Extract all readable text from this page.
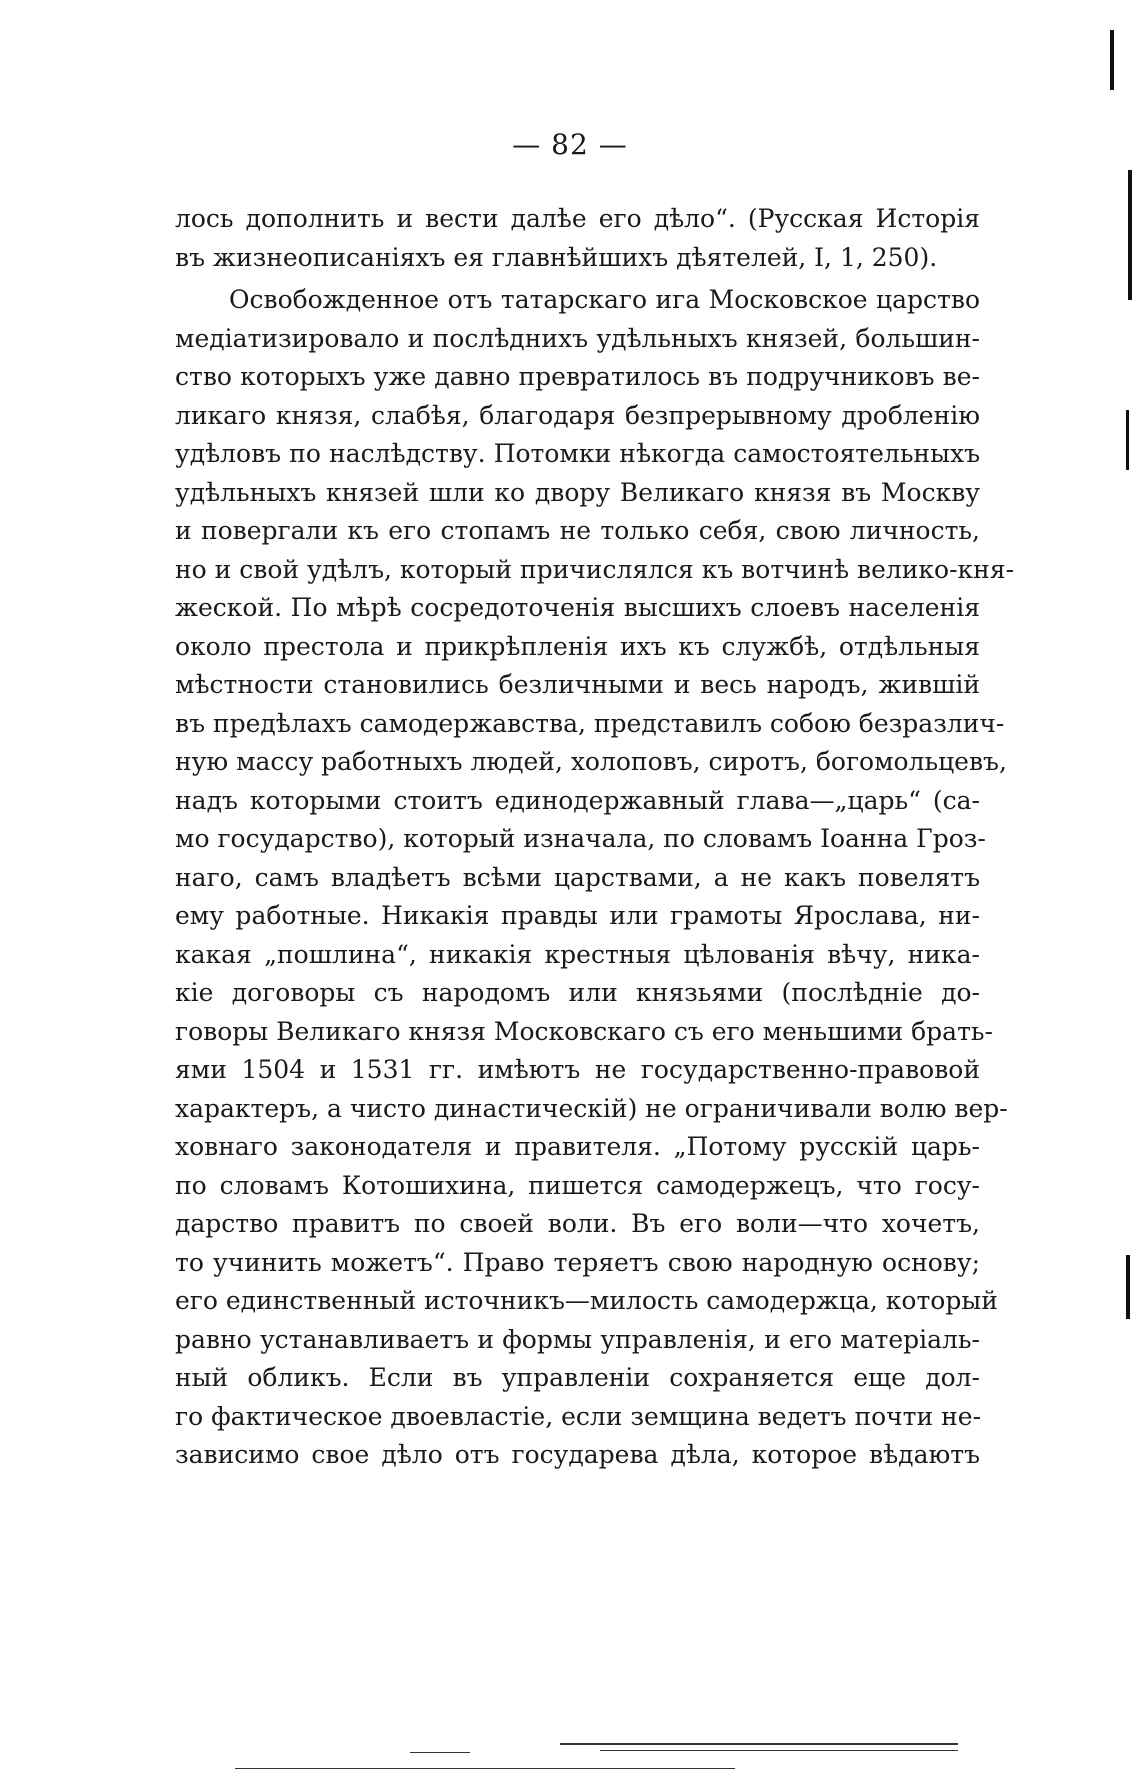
— 82 —
лось дополнить и вести далѣе его дѣло“. (Русская Исторія
въ жизнеописаніяхъ ея главнѣйшихъ дѣятелей, I, 1, 250).
Освобожденное отъ татарскаго ига Московское царство
медіатизировало и послѣднихъ удѣльныхъ князей, большин-
ство которыхъ уже давно превратилось въ подручниковъ ве-
ликаго князя, слабѣя, благодаря безпрерывному дробленію
удѣловъ по наслѣдству. Потомки нѣкогда самостоятельныхъ
удѣльныхъ князей шли ко двору Великаго князя въ Москву
и повергали къ его стопамъ не только себя, свою личность,
но и свой удѣлъ, который причислялся къ вотчинѣ велико-кня-
жеской. По мѣрѣ сосредоточенія высшихъ слоевъ населенія
около престола и прикрѣпленія ихъ къ службѣ, отдѣльныя
мѣстности становились безличными и весь народъ, жившій
въ предѣлахъ самодержавства, представилъ собою безразлич-
ную массу работныхъ людей, холоповъ, сиротъ, богомольцевъ,
надъ которыми стоитъ единодержавный глава—„царь“ (са-
мо государство), который изначала, по словамъ Іоанна Гроз-
наго, самъ владѣетъ всѣми царствами, а не какъ повелятъ
ему работные. Никакія правды или грамоты Ярослава, ни-
какая „пошлина“, никакія крестныя цѣлованія вѣчу, ника-
кіе договоры съ народомъ или князьями (послѣдніе до-
говоры Великаго князя Московскаго съ его меньшими брать-
ями 1504 и 1531 гг. имѣютъ не государственно-правовой
характеръ, а чисто династическій) не ограничивали волю вер-
ховнаго законодателя и правителя. „Потому русскій царь-
по словамъ Котошихина, пишется самодержецъ, что госу-
дарство правитъ по своей воли. Въ его воли—что хочетъ,
то учинить можетъ“. Право теряетъ свою народную основу;
его единственный источникъ—милость самодержца, который
равно устанавливаетъ и формы управленія, и его матеріаль-
ный обликъ. Если въ управленіи сохраняется еще дол-
го фактическое двоевластіе, если земщина ведетъ почти не-
зависимо свое дѣло отъ государева дѣла, которое вѣдаютъ
